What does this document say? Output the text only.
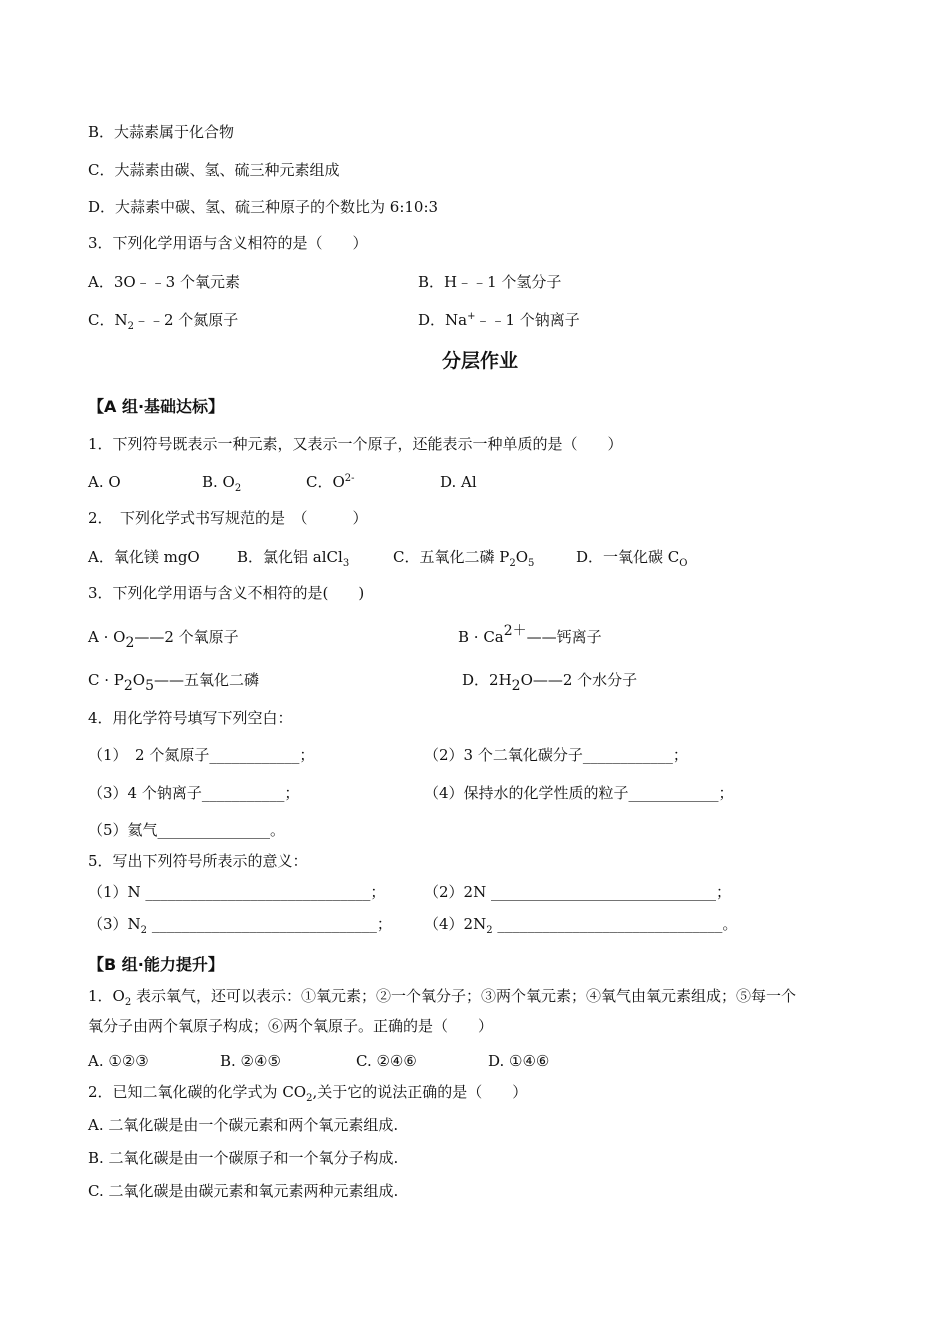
B．大蒜素属于化合物
C．大蒜素由碳、氢、硫三种元素组成
D．大蒜素中碳、氢、硫三种原子的个数比为 6:10:3
3．下列化学用语与含义相符的是（　　）
A．3O﹣﹣3 个氧元素	B．H﹣﹣1 个氢分子
C．$N_2﹣﹣2$ 个氮原子	D．Na+﹣﹣1 个钠离子
分层作业
【A 组·基础达标】
1．下列符号既表示一种元素，又表示一个原子，还能表示一种单质的是（　　）
A. O	B. $O_2$	C．$O^{2-}$	D. Al
2．　下列化学式书写规范的是　（　　　）
A．氧化镁 mgO B．氯化铝 alCl$_3$	C．五氧化二磷 $P_2O_5$	D．一氧化碳 $C_O$
3．下列化学用语与含义不相符的是(　　)
A · O2——2 个氧原子	B · Ca2＋——钙离子
C · P2O5——五氧化二磷	D．2H2O——2 个水分子
4．用化学符号填写下列空白：
（1）　2 个氮原子____________；	（2）3 个二氧化碳分子____________；
（3）4 个钠离子___________；	（4）保持水的化学性质的粒子____________；
（5）氦气_______________。
5．写出下列符号所表示的意义：
（1）N ______________________________；	（2）2N ______________________________；
$(3)N_2$ ______________________________； $(4)2N_2$ ______________________________。
【B 组·能力提升】
1．$O_2$ 表示氧气，还可以表示：①氧元素；②一个氧分子；③两个氧元素；④氧气由氧元素组成；⑤每一个
氧分子由两个氧原子构成；⑥两个氧原子。正确的是（　　）
A. ①②③	B. ②④⑤	C. ②④⑥	D. ①④⑥
2．已知二氧化碳的化学式为 $CO_2$,关于它的说法正确的是（　　）
A. 二氧化碳是由一个碳元素和两个氧元素组成.
B. 二氧化碳是由一个碳原子和一个氧分子构成.
C. 二氧化碳是由碳元素和氧元素两种元素组成.
